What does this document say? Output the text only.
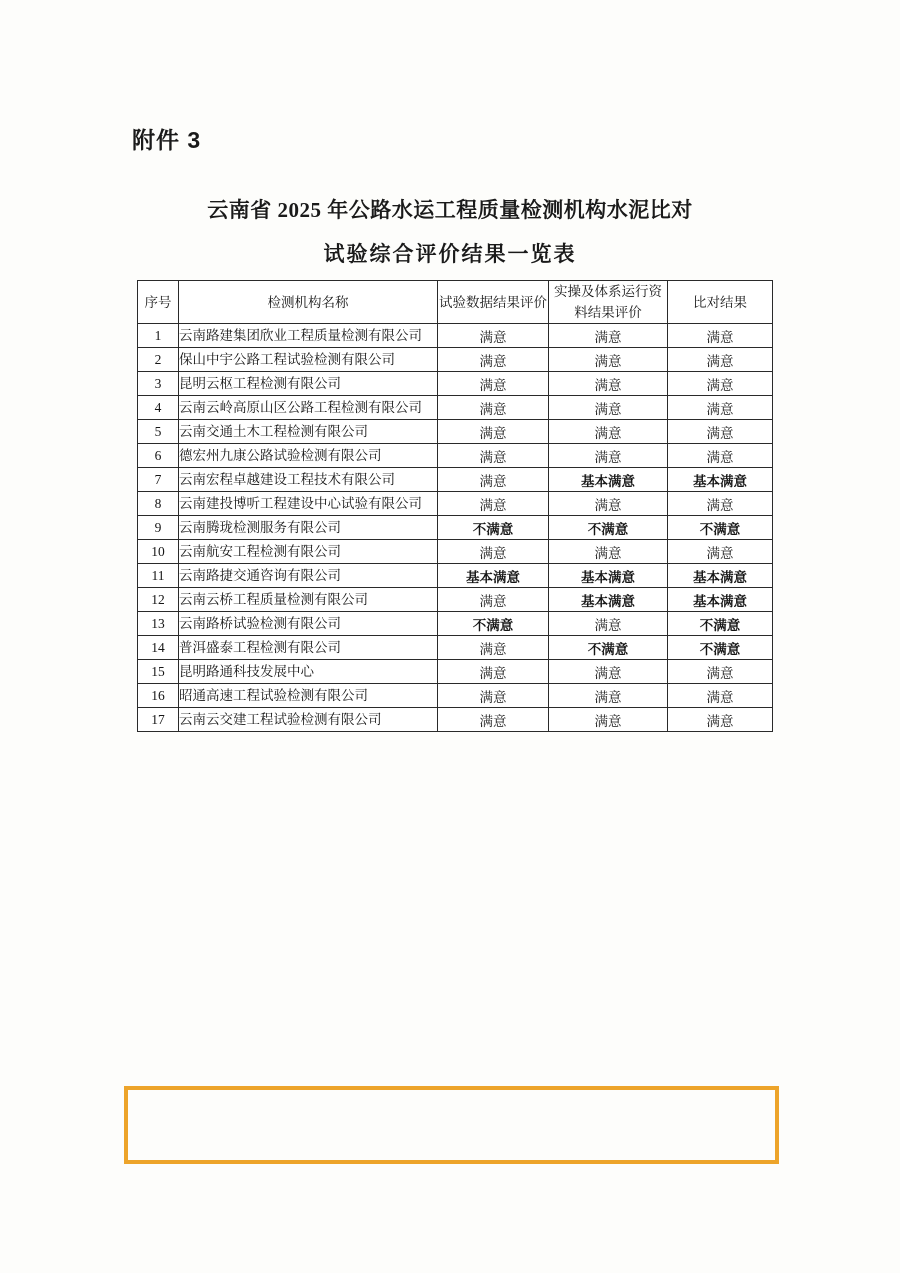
附件 3
云南省 2025 年公路水运工程质量检测机构水泥比对
试验综合评价结果一览表
序号	检测机构名称	试验数据结果评价	实操及体系运行资料结果评价	比对结果
1	云南路建集团欣业工程质量检测有限公司	满意	满意	满意
2	保山中宇公路工程试验检测有限公司	满意	满意	满意
3	昆明云枢工程检测有限公司	满意	满意	满意
4	云南云岭高原山区公路工程检测有限公司	满意	满意	满意
5	云南交通土木工程检测有限公司	满意	满意	满意
6	德宏州九康公路试验检测有限公司	满意	满意	满意
7	云南宏程卓越建设工程技术有限公司	满意	基本满意	基本满意
8	云南建投博听工程建设中心试验有限公司	满意	满意	满意
9	云南腾珑检测服务有限公司	不满意	不满意	不满意
10	云南航安工程检测有限公司	满意	满意	满意
11	云南路捷交通咨询有限公司	基本满意	基本满意	基本满意
12	云南云桥工程质量检测有限公司	满意	基本满意	基本满意
13	云南路桥试验检测有限公司	不满意	满意	不满意
14	普洱盛泰工程检测有限公司	满意	不满意	不满意
15	昆明路通科技发展中心	满意	满意	满意
16	昭通高速工程试验检测有限公司	满意	满意	满意
17	云南云交建工程试验检测有限公司	满意	满意	满意
